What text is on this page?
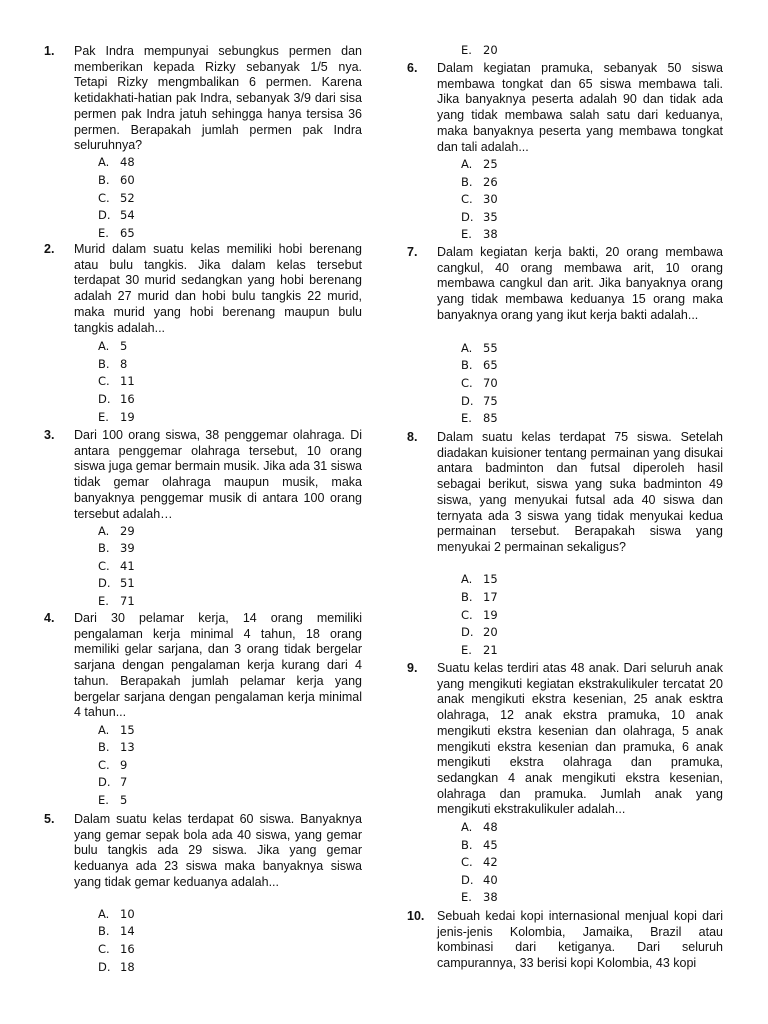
1. Pak Indra mempunyai sebungkus permen dan memberikan kepada Rizky sebanyak 1/5 nya. Tetapi Rizky mengmbalikan 6 permen. Karena ketidakhati-hatian pak Indra, sebanyak 3/9 dari sisa permen pak Indra jatuh sehingga hanya tersisa 36 permen. Berapakah jumlah permen pak Indra seluruhnya?
A. 48
B. 60
C. 52
D. 54
E. 65
2. Murid dalam suatu kelas memiliki hobi berenang atau bulu tangkis. Jika dalam kelas tersebut terdapat 30 murid sedangkan yang hobi berenang adalah 27 murid dan hobi bulu tangkis 22 murid, maka murid yang hobi berenang maupun bulu tangkis adalah...
A. 5
B. 8
C. 11
D. 16
E. 19
3. Dari 100 orang siswa, 38 penggemar olahraga. Di antara penggemar olahraga tersebut, 10 orang siswa juga gemar bermain musik. Jika ada 31 siswa tidak gemar olahraga maupun musik, maka banyaknya penggemar musik di antara 100 orang tersebut adalah…
A. 29
B. 39
C. 41
D. 51
E. 71
4. Dari 30 pelamar kerja, 14 orang memiliki pengalaman kerja minimal 4 tahun, 18 orang memiliki gelar sarjana, dan 3 orang tidak bergelar sarjana dengan pengalaman kerja kurang dari 4 tahun. Berapakah jumlah pelamar kerja yang bergelar sarjana dengan pengalaman kerja minimal 4 tahun...
A. 15
B. 13
C. 9
D. 7
E. 5
5. Dalam suatu kelas terdapat 60 siswa. Banyaknya yang gemar sepak bola ada 40 siswa, yang gemar bulu tangkis ada 29 siswa. Jika yang gemar keduanya ada 23 siswa maka banyaknya siswa yang tidak gemar keduanya adalah...
A. 10
B. 14
C. 16
D. 18
E. 20
6. Dalam kegiatan pramuka, sebanyak 50 siswa membawa tongkat dan 65 siswa membawa tali. Jika banyaknya peserta adalah 90 dan tidak ada yang tidak membawa salah satu dari keduanya, maka banyaknya peserta yang membawa tongkat dan tali adalah...
A. 25
B. 26
C. 30
D. 35
E. 38
7. Dalam kegiatan kerja bakti, 20 orang membawa cangkul, 40 orang membawa arit, 10 orang membawa cangkul dan arit. Jika banyaknya orang yang tidak membawa keduanya 15 orang maka banyaknya orang yang ikut kerja bakti adalah...
A. 55
B. 65
C. 70
D. 75
E. 85
8. Dalam suatu kelas terdapat 75 siswa. Setelah diadakan kuisioner tentang permainan yang disukai antara badminton dan futsal diperoleh hasil sebagai berikut, siswa yang suka badminton 49 siswa, yang menyukai futsal ada 40 siswa dan ternyata ada 3 siswa yang tidak menyukai kedua permainan tersebut. Berapakah siswa yang menyukai 2 permainan sekaligus?
A. 15
B. 17
C. 19
D. 20
E. 21
9. Suatu kelas terdiri atas 48 anak. Dari seluruh anak yang mengikuti kegiatan ekstrakulikuler tercatat 20 anak mengikuti ekstra kesenian, 25 anak esktra olahraga, 12 anak ekstra pramuka, 10 anak mengikuti ekstra kesenian dan olahraga, 5 anak mengikuti ekstra kesenian dan pramuka, 6 anak mengikuti ekstra olahraga dan pramuka, sedangkan 4 anak mengikuti ekstra kesenian, olahraga dan pramuka. Jumlah anak yang mengikuti ekstrakulikuler adalah...
A. 48
B. 45
C. 42
D. 40
E. 38
10. Sebuah kedai kopi internasional menjual kopi dari jenis-jenis Kolombia, Jamaika, Brazil atau kombinasi dari ketiganya. Dari seluruh campurannya, 33 berisi kopi Kolombia, 43 kopi
